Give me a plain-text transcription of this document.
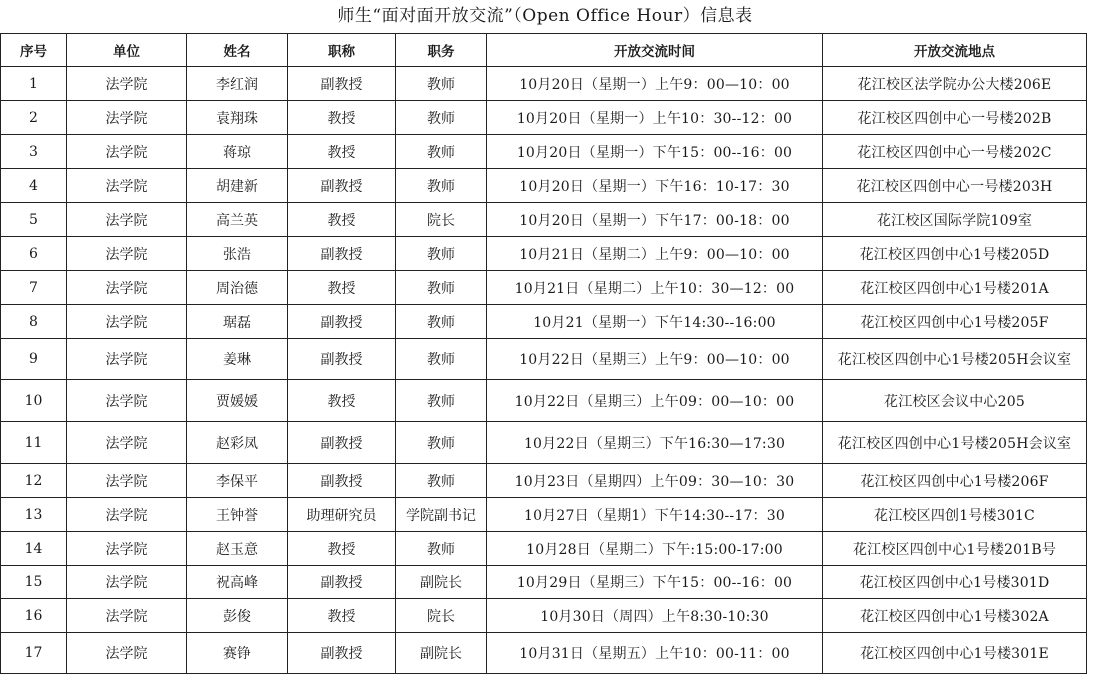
师生“面对面开放交流”（Open Office Hour）信息表
序号	单位	姓名	职称	职务	开放交流时间	开放交流地点
1	法学院	李红润	副教授	教师	10月20日（星期一）上午9：00—10：00	花江校区法学院办公大楼206E
2	法学院	袁翔珠	教授	教师	10月20日（星期一）上午10：30--12：00	花江校区四创中心一号楼202B
3	法学院	蒋琼	教授	教师	10月20日（星期一）下午15：00--16：00	花江校区四创中心一号楼202C
4	法学院	胡建新	副教授	教师	10月20日（星期一）下午16：10-17：30	花江校区四创中心一号楼203H
5	法学院	高兰英	教授	院长	10月20日（星期一）下午17：00-18：00	花江校区国际学院109室
6	法学院	张浩	副教授	教师	10月21日（星期二）上午9：00—10：00	花江校区四创中心1号楼205D
7	法学院	周治德	教授	教师	10月21日（星期二）上午10：30—12：00	花江校区四创中心1号楼201A
8	法学院	琚磊	副教授	教师	10月21（星期一）下午14:30--16:00	花江校区四创中心1号楼205F
9	法学院	姜琳	副教授	教师	10月22日（星期三）上午9：00—10：00	花江校区四创中心1号楼205H会议室
10	法学院	贾媛媛	教授	教师	10月22日（星期三）上午09：00—10：00	花江校区会议中心205
11	法学院	赵彩凤	副教授	教师	10月22日（星期三）下午16:30—17:30	花江校区四创中心1号楼205H会议室
12	法学院	李保平	副教授	教师	10月23日（星期四）上午09：30—10：30	花江校区四创中心1号楼206F
13	法学院	王钟誉	助理研究员	学院副书记	10月27日（星期1）下午14:30--17：30	花江校区四创1号楼301C
14	法学院	赵玉意	教授	教师	10月28日（星期二）下午:15:00-17:00	花江校区四创中心1号楼201B号
15	法学院	祝高峰	副教授	副院长	10月29日（星期三）下午15：00--16：00	花江校区四创中心1号楼301D
16	法学院	彭俊	教授	院长	10月30日（周四）上午8:30-10:30	花江校区四创中心1号楼302A
17	法学院	赛铮	副教授	副院长	10月31日（星期五）上午10：00-11：00	花江校区四创中心1号楼301E
